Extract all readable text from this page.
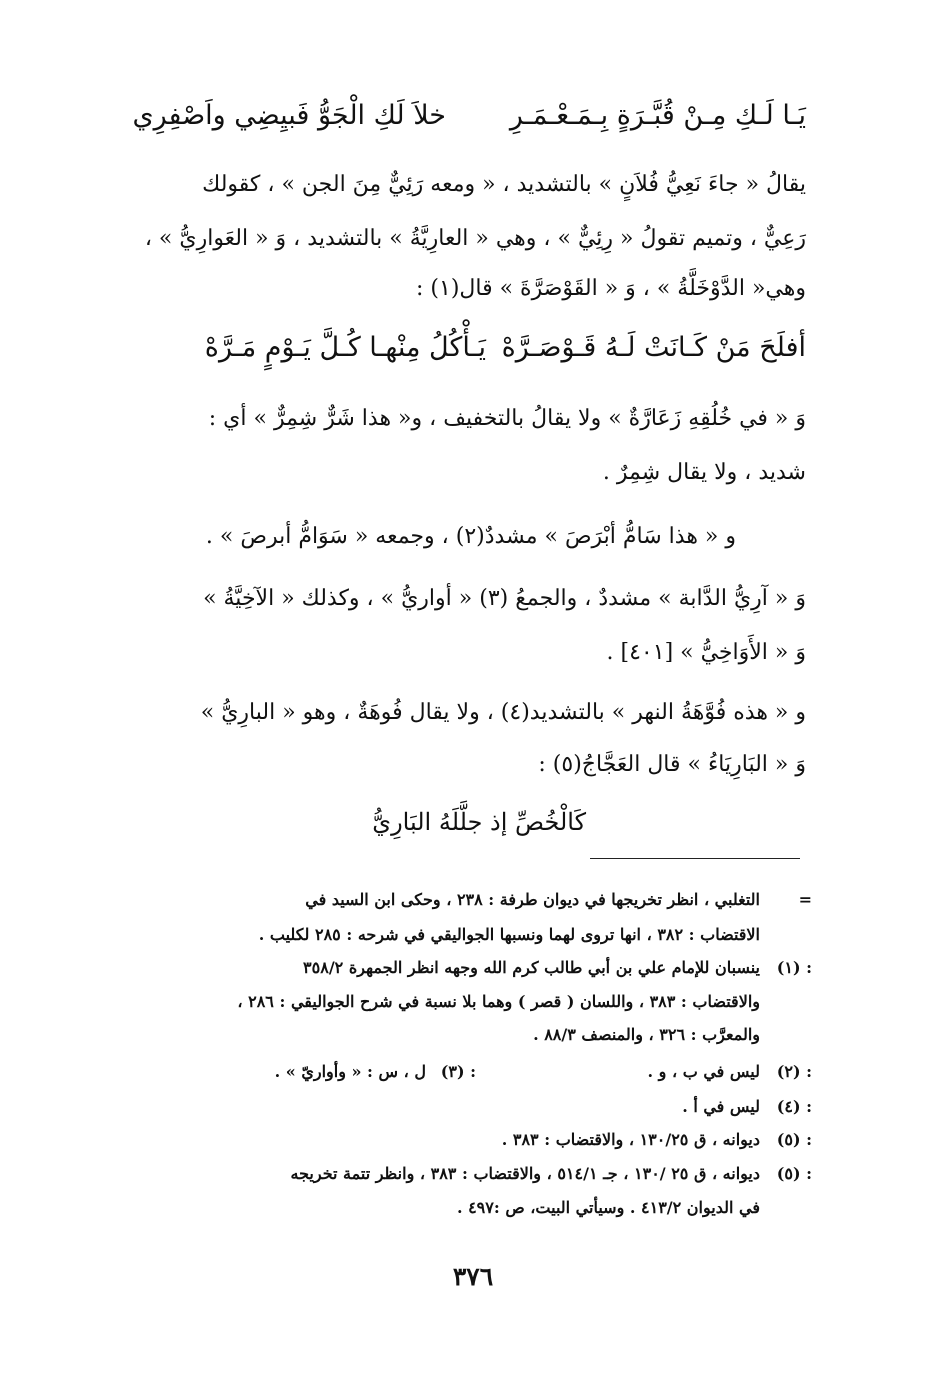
يَـا لَـكِ مِـنْ قُبَّـرَةٍ بِـمَـعْـمَـرِ

خلاَ لَكِ الْجَوُّ فَبيِضِي واَصْفِرِي

يقالُ « جاءَ نَعِيُّ فُلاَنٍ » بالتشديد ، « ومعه رَئِيٌّ مِنَ الجن » ، كقولك

رَعِيٌّ ، وتميم تقولُ « رِئِيٌّ » ، وهي « العارِيَّةُ » بالتشديد ، وَ « العَوارِيُّ » ،

وهي« الدَّوْخَلَّةُ » ، وَ « القَوْصَرَّةَ » قال(١) :

أفلَحَ مَنْ كَـانَتْ لَـهُ قَـوْصَـرَّهْ

يَـأْكُلُ مِنْهـا كُـلَّ يَـوْمٍ مَـرَّهْ

وَ « في خُلُقِهِ زَعَارَّةٌ » ولا يقالُ بالتخفيف ، و« هذا شَرٌّ شِمِرٌّ » أي :

شديد ، ولا يقال شِمِرٌ .

و « هذا سَامُّ أبْرَصَ » مشددٌ(٢) ، وجمعه « سَوَامُّ أبرصَ » .

وَ « آرِيُّ الدَّابة » مشددٌ ، والجمعُ (٣) « أواريُّ » ، وكذلك « الآخِيَّةُ »

وَ « الأَوَاخِيُّ » [٤٠١] .

و « هذه فُوَّهَةُ النهر » بالتشديد(٤) ، ولا يقال فُوهَةٌ ، وهو « البارِيُّ »

وَ « البَارِيَاءُ » قال العَجَّاجُ(٥) :

كَالْخُصِّ إذ جلَّلَهُ البَارِيُّ

=

التغلبي ، انظر تخريجها في ديوان طرفة : ٢٣٨ ، وحكى ابن السيد في

الاقتضاب : ٣٨٢ ، انها تروى لهما ونسبها الجواليقي في شرحه : ٢٨٥ لكليب .

(١) :

ينسبان للإمام علي بن أبي طالب كرم الله وجهه انظر الجمهرة ٣٥٨/٢

والاقتضاب : ٣٨٣ ، واللسان ( قصر ) وهما بلا نسبة في شرح الجواليقي : ٢٨٦ ،

والمعرَّب : ٣٢٦ ، والمنصف ٨٨/٣ .

(٢) :

ليس في ب ، و .

(٣) :

ل ، س : « وأواريّ » .

(٤) :

ليس في أ .

(٥) :

ديوانه ، ق ١٣٠/٢٥ ، والاقتضاب : ٣٨٣ .

(٥) :

ديوانه ، ق ٢٥ /١٣٠ ، جـ ٥١٤/١ ، والاقتضاب : ٣٨٣ ، وانظر تتمة تخريجه

في الديوان ٤١٣/٢ . وسيأتي البيت، ص :٤٩٧ .

٣٧٦
